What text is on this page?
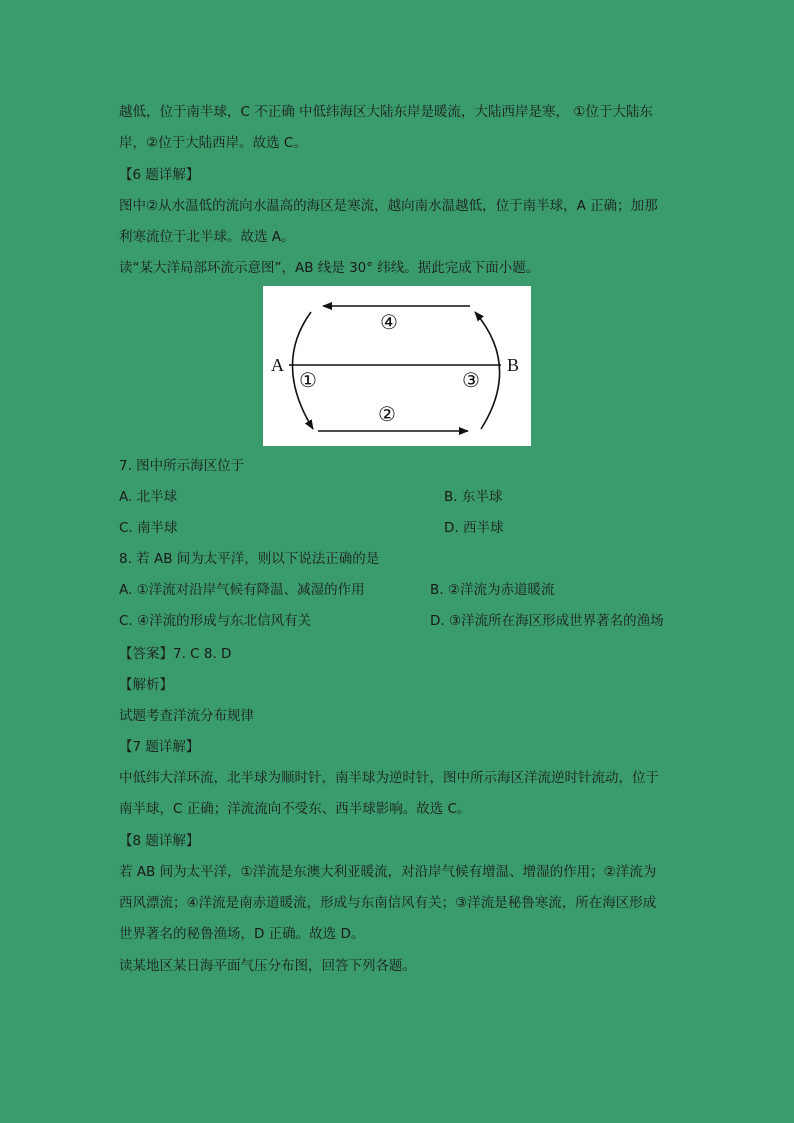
越低，位于南半球，C 不正确 中低纬海区大陆东岸是暖流，大陆西岸是寒， ①位于大陆东
岸，②位于大陆西岸。故选 C。
【6 题详解】
图中②从水温低的流向水温高的海区是寒流，越向南水温越低，位于南半球，A 正确；加那
利寒流位于北半球。故选 A。
读“某大洋局部环流示意图”，AB 线是 30° 纬线。据此完成下面小题。
A	B
④
①	③
②
7. 图中所示海区位于
A. 北半球	B. 东半球
C. 南半球	D. 西半球
8. 若 AB 间为太平洋，则以下说法正确的是
A. ①洋流对沿岸气候有降温、减湿的作用	B. ②洋流为赤道暖流
C. ④洋流的形成与东北信风有关	D. ③洋流所在海区形成世界著名的渔场
【答案】7. C 8. D
【解析】
试题考查洋流分布规律
【7 题详解】
中低纬大洋环流，北半球为顺时针，南半球为逆时针，图中所示海区洋流逆时针流动，位于
南半球，C 正确；洋流流向不受东、西半球影响。故选 C。
【8 题详解】
若 AB 间为太平洋，①洋流是东澳大利亚暖流，对沿岸气候有增温、增湿的作用；②洋流为
西风漂流；④洋流是南赤道暖流，形成与东南信风有关；③洋流是秘鲁寒流，所在海区形成
世界著名的秘鲁渔场，D 正确。故选 D。
读某地区某日海平面气压分布图，回答下列各题。
